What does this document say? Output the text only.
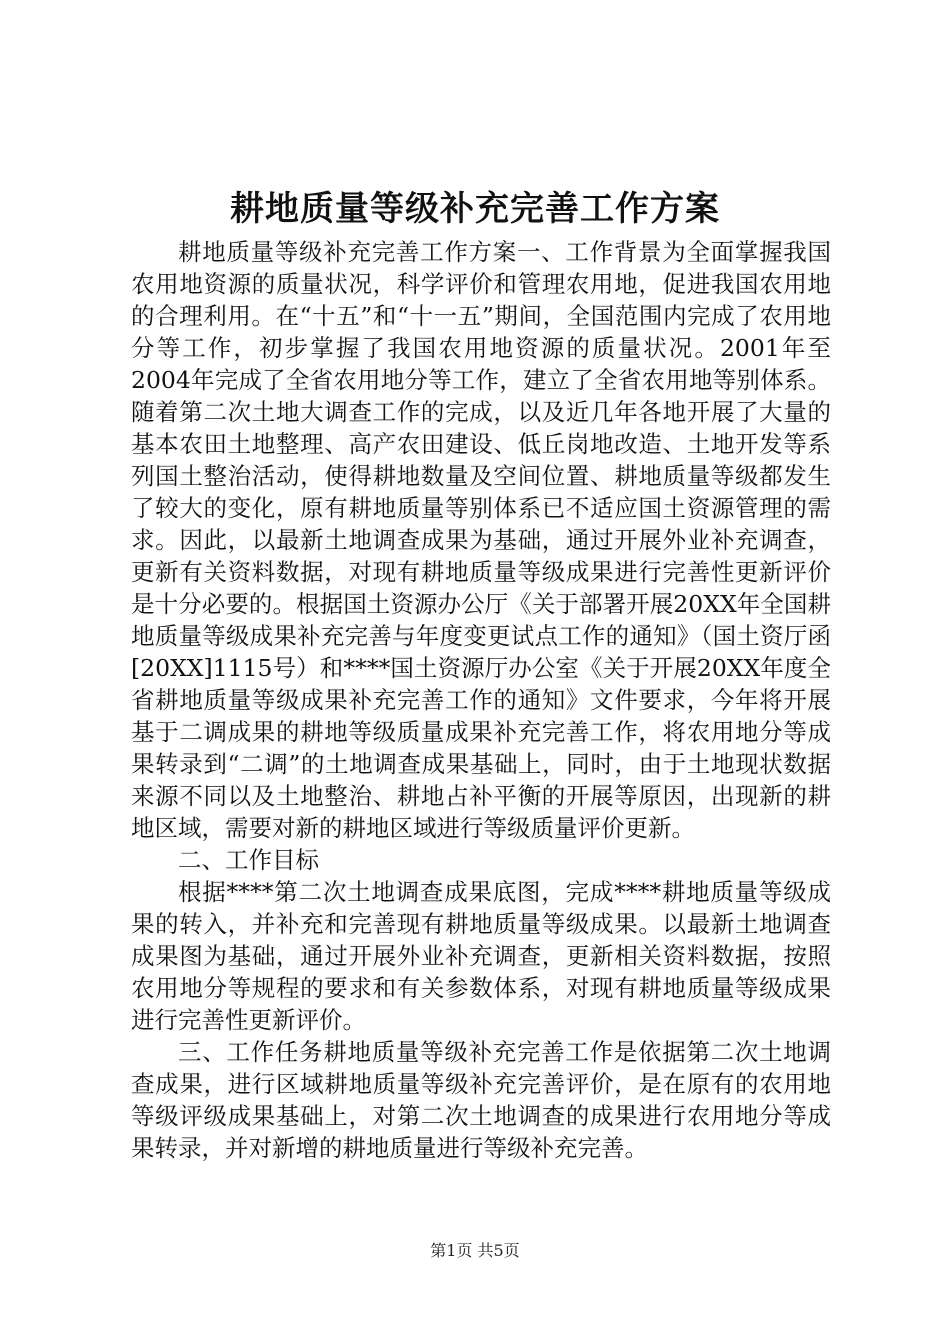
耕地质量等级补充完善工作方案

耕地质量等级补充完善工作方案一、工作背景为全面掌握我国农用地资源的质量状况，科学评价和管理农用地，促进我国农用地的合理利用。在“十五”和“十一五”期间，全国范围内完成了农用地分等工作，初步掌握了我国农用地资源的质量状况。2001年至2004年完成了全省农用地分等工作，建立了全省农用地等别体系。随着第二次土地大调查工作的完成，以及近几年各地开展了大量的基本农田土地整理、高产农田建设、低丘岗地改造、土地开发等系列国土整治活动，使得耕地数量及空间位置、耕地质量等级都发生了较大的变化，原有耕地质量等别体系已不适应国土资源管理的需求。因此，以最新土地调查成果为基础，通过开展外业补充调查，更新有关资料数据，对现有耕地质量等级成果进行完善性更新评价是十分必要的。根据国土资源办公厅《关于部署开展20XX年全国耕地质量等级成果补充完善与年度变更试点工作的通知》（国土资厅函[20XX]1115号）和****国土资源厅办公室《关于开展20XX年度全省耕地质量等级成果补充完善工作的通知》文件要求，今年将开展基于二调成果的耕地等级质量成果补充完善工作，将农用地分等成果转录到“二调”的土地调查成果基础上，同时，由于土地现状数据来源不同以及土地整治、耕地占补平衡的开展等原因，出现新的耕地区域，需要对新的耕地区域进行等级质量评价更新。

二、工作目标

根据****第二次土地调查成果底图，完成****耕地质量等级成果的转入，并补充和完善现有耕地质量等级成果。以最新土地调查成果图为基础，通过开展外业补充调查，更新相关资料数据，按照农用地分等规程的要求和有关参数体系，对现有耕地质量等级成果进行完善性更新评价。

三、工作任务耕地质量等级补充完善工作是依据第二次土地调查成果，进行区域耕地质量等级补充完善评价，是在原有的农用地等级评级成果基础上，对第二次土地调查的成果进行农用地分等成果转录，并对新增的耕地质量进行等级补充完善。

第1页 共5页
